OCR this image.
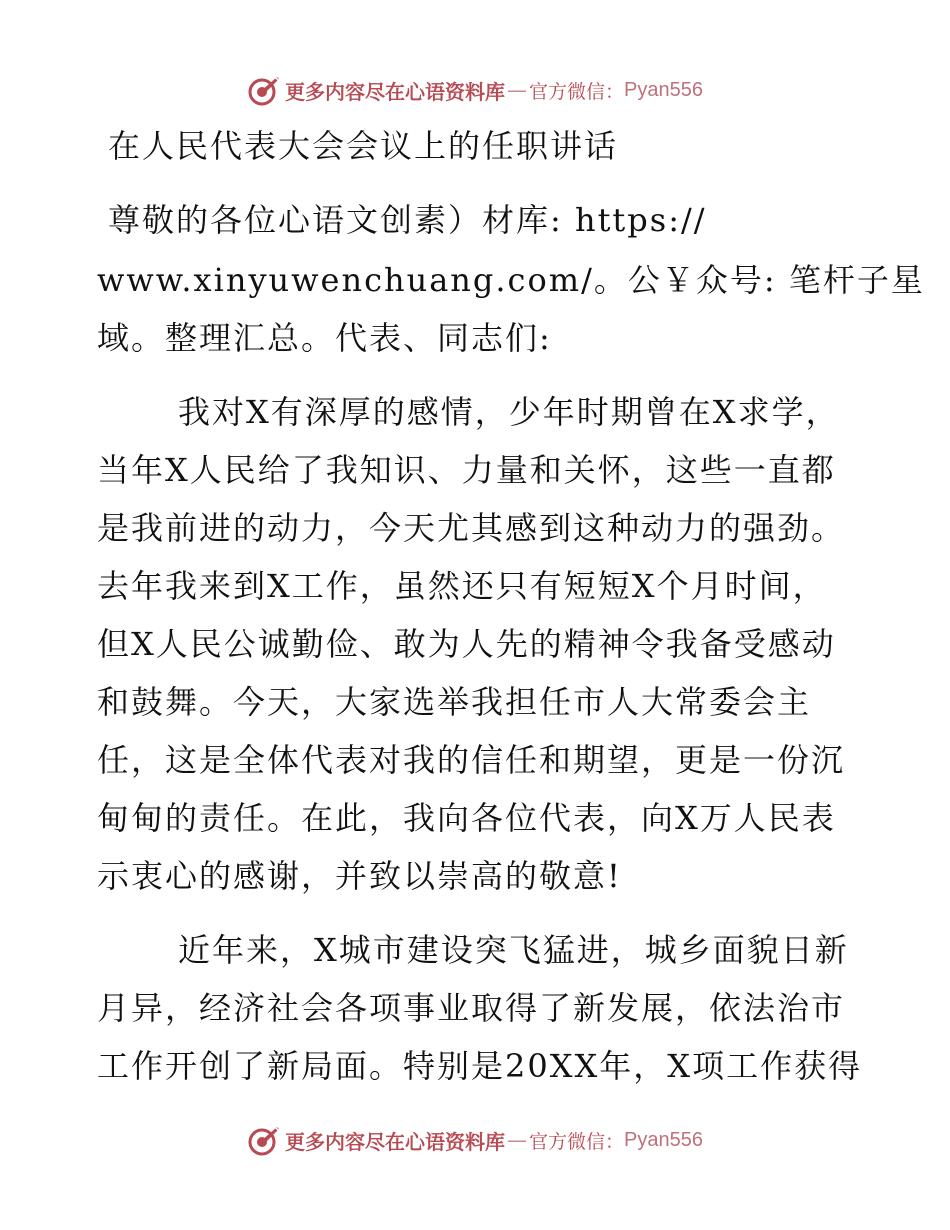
更多内容尽在心语资料库 — 官方微信： Pyan556
在人民代表大会会议上的任职讲话
尊敬的各位心语文创素）材库: https://
www.xinyuwenchuang.com/。公￥众号: 笔杆子星
域。整理汇总。代表、同志们:
我对X有深厚的感情，少年时期曾在X求学，
当年X人民给了我知识、力量和关怀，这些一直都
是我前进的动力，今天尤其感到这种动力的强劲。
去年我来到X工作，虽然还只有短短X个月时间，
但X人民公诚勤俭、敢为人先的精神令我备受感动
和鼓舞。今天，大家选举我担任市人大常委会主
任，这是全体代表对我的信任和期望，更是一份沉
甸甸的责任。在此，我向各位代表，向X万人民表
示衷心的感谢，并致以崇高的敬意!
近年来，X城市建设突飞猛进，城乡面貌日新
月异，经济社会各项事业取得了新发展，依法治市
工作开创了新局面。特别是20XX年，X项工作获得
更多内容尽在心语资料库 — 官方微信： Pyan556
